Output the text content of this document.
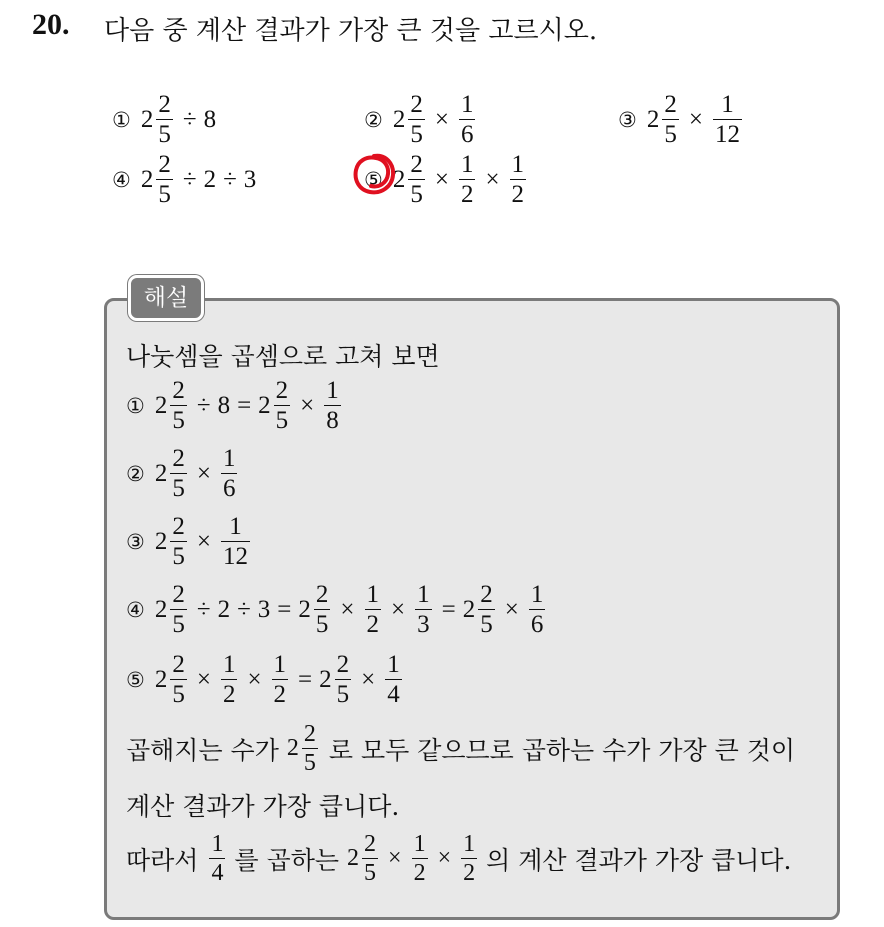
20. 다음 중 계산 결과가 가장 큰 것을 고르시오.
① $2 \frac{2}{5} \div 8$	② $2 \frac{2}{5} \times \frac{1}{6}$	③ $2 \frac{2}{5} \times \frac{1}{12}$
④ $2 \frac{2}{5} \div 2 \div 3$	⑤ $2 \frac{2}{5} \times \frac{1}{2} \times \frac{1}{2}$
해설
나눗셈을 곱셈으로 고쳐 보면
① $2 \frac{2}{5} \div 8 = 2 \frac{2}{5} \times \frac{1}{8}$
② $2 \frac{2}{5} \times \frac{1}{6}$
③ $2 \frac{2}{5} \times \frac{1}{12}$
④ $2 \frac{2}{5} \div 2 \div 3 = 2 \frac{2}{5} \times \frac{1}{2} \times \frac{1}{3} = 2 \frac{2}{5} \times \frac{1}{6}$
⑤ $2 \frac{2}{5} \times \frac{1}{2} \times \frac{1}{2} = 2 \frac{2}{5} \times \frac{1}{4}$
곱해지는 수가 $2 \frac{2}{5}$ 로 모두 같으므로 곱하는 수가 가장 큰 것이
계산 결과가 가장 큽니다.
따라서 $\frac{1}{4}$ 를 곱하는 $2 \frac{2}{5} \times \frac{1}{2} \times \frac{1}{2}$ 의 계산 결과가 가장 큽니다.
